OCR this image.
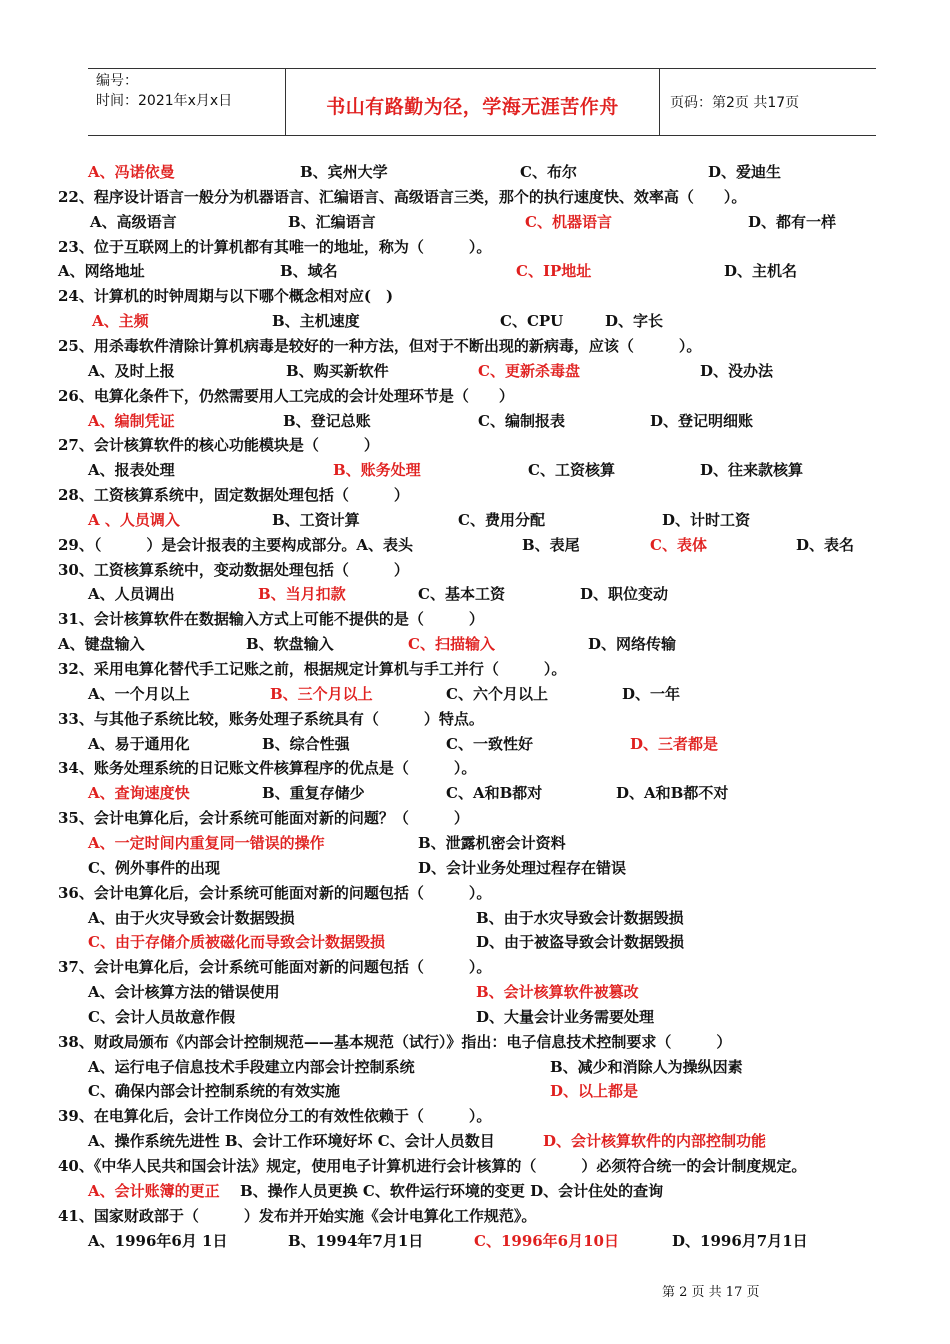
编号：
时间：2021年x月x日	书山有路勤为径，学海无涯苦作舟	页码：第2页 共17页
A、冯诺依曼	B、宾州大学	C、布尔	D、爱迪生
22、程序设计语言一般分为机器语言、汇编语言、高级语言三类，那个的执行速度快、效率高（　　）。
A、高级语言	B、汇编语言	C、机器语言	D、都有一样
23、位于互联网上的计算机都有其唯一的地址，称为（　　　）。
A、网络地址	B、域名	C、IP地址	D、主机名
24、计算机的时钟周期与以下哪个概念相对应(　)
A、主频	B、主机速度	C、CPU	D、字长
25、用杀毒软件清除计算机病毒是较好的一种方法，但对于不断出现的新病毒，应该（　　　）。
A、及时上报	B、购买新软件	C、更新杀毒盘	D、没办法
26、电算化条件下，仍然需要用人工完成的会计处理环节是（　　）
A、编制凭证	B、登记总账	C、编制报表	D、登记明细账
27、会计核算软件的核心功能模块是（　　　）
A、报表处理	B、账务处理	C、工资核算	D、往来款核算
28、工资核算系统中，固定数据处理包括（　　　）
A 、人员调入	B、工资计算	C、费用分配	D、计时工资
29、（　　　）是会计报表的主要构成部分。A、表头	B、表尾	C、表体	D、表名
30、工资核算系统中，变动数据处理包括（　　　）
A、人员调出	B、当月扣款	C、基本工资	D、职位变动
31、会计核算软件在数据输入方式上可能不提供的是（　　　）
A、键盘输入	B、软盘输入	C、扫描输入	D、网络传输
32、采用电算化替代手工记账之前，根据规定计算机与手工并行（　　　）。
A、一个月以上	B、三个月以上	C、六个月以上	D、一年
33、与其他子系统比较，账务处理子系统具有（　　　）特点。
A、易于通用化	B、综合性强	C、一致性好	D、三者都是
34、账务处理系统的日记账文件核算程序的优点是（　　　）。
A、查询速度快	B、重复存储少	C、A和B都对	D、A和B都不对
35、会计电算化后，会计系统可能面对新的问题？（　　　）
A、一定时间内重复同一错误的操作	B、泄露机密会计资料
C、例外事件的出现	D、会计业务处理过程存在错误
36、会计电算化后，会计系统可能面对新的问题包括（　　　）。
A、由于火灾导致会计数据毁损	B、由于水灾导致会计数据毁损
C、由于存储介质被磁化而导致会计数据毁损	D、由于被盗导致会计数据毁损
37、会计电算化后，会计系统可能面对新的问题包括（　　　）。
A、会计核算方法的错误使用	B、会计核算软件被篡改
C、会计人员故意作假	D、大量会计业务需要处理
38、财政局颁布《内部会计控制规范——基本规范（试行）》指出：电子信息技术控制要求（　　　）
A、运行电子信息技术手段建立内部会计控制系统	B、减少和消除人为操纵因素
C、确保内部会计控制系统的有效实施	D、以上都是
39、在电算化后，会计工作岗位分工的有效性依赖于（　　　）。
A、操作系统先进性 B、会计工作环境好坏 C、会计人员数目	D、会计核算软件的内部控制功能
40、《中华人民共和国会计法》规定，使用电子计算机进行会计核算的（　　　）必须符合统一的会计制度规定。
A、会计账簿的更正 B、操作人员更换 C、软件运行环境的变更 D、会计住处的查询
41、国家财政部于（　　　）发布并开始实施《会计电算化工作规范》。
A、1996年6月 1日	B、1994年7月1日	C、1996年6月10日	D、1996月7月1日
第 2 页 共 17 页
